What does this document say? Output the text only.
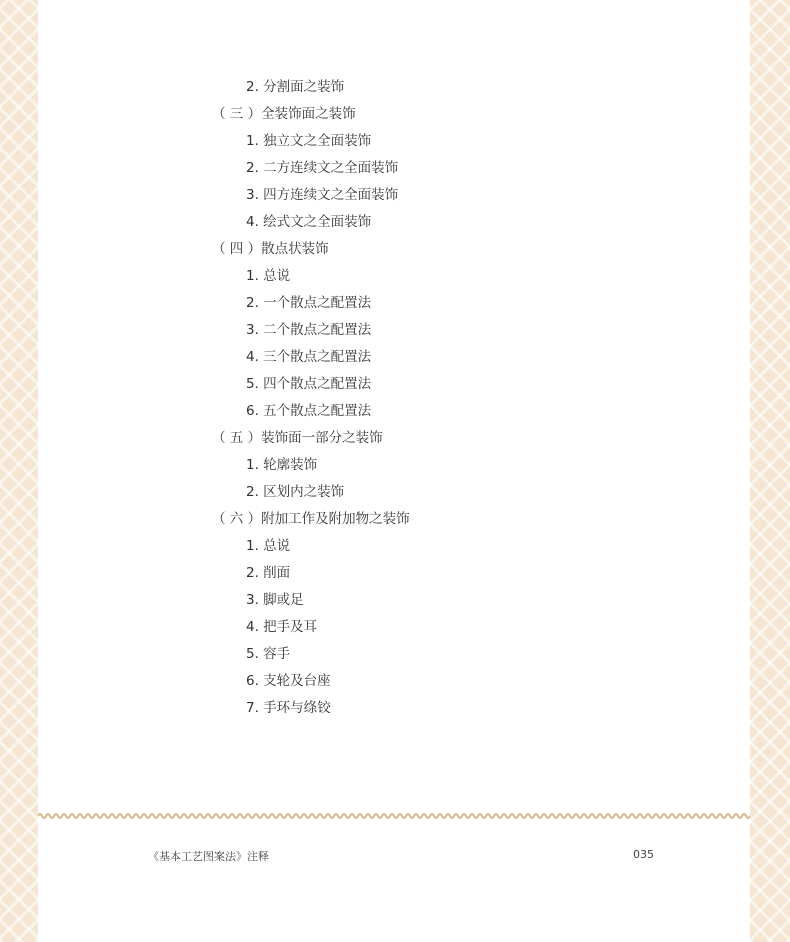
2. 分割面之装饰
（ 三 ）全装饰面之装饰
1. 独立文之全面装饰
2. 二方连续文之全面装饰
3. 四方连续文之全面装饰
4. 绘式文之全面装饰
（ 四 ）散点状装饰
1. 总说
2. 一个散点之配置法
3. 二个散点之配置法
4. 三个散点之配置法
5. 四个散点之配置法
6. 五个散点之配置法
（ 五 ）装饰面一部分之装饰
1. 轮廓装饰
2. 区划内之装饰
（ 六 ）附加工作及附加物之装饰
1. 总说
2. 削面
3. 脚或足
4. 把手及耳
5. 容手
6. 支轮及台座
7. 手环与绦铰
《基本工艺图案法》注释	035
